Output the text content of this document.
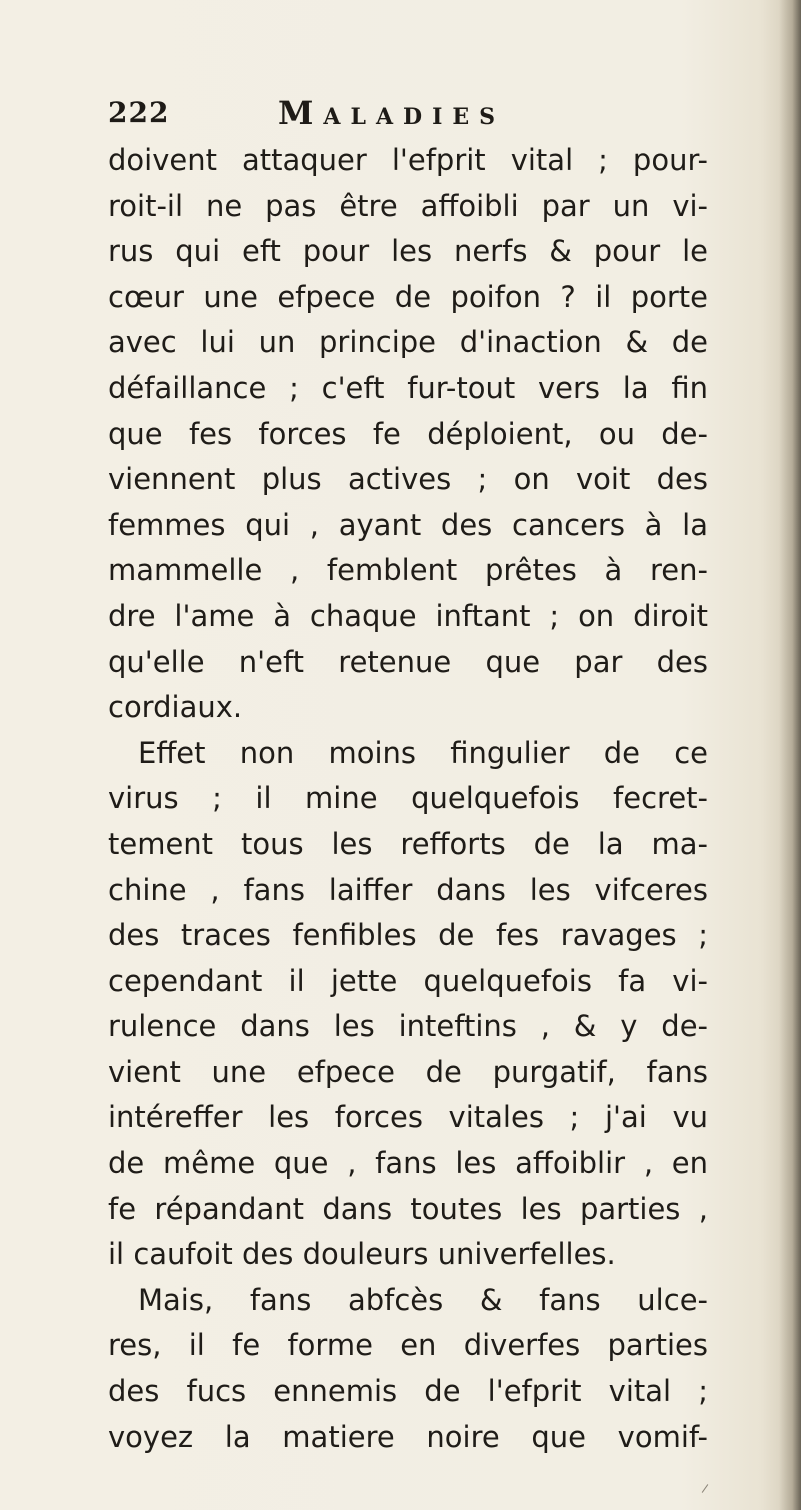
222	Maladies
doivent attaquer l'efprit vital ; pour-
roit-il ne pas être affoibli par un vi-
rus qui eft pour les nerfs & pour le
cœur une efpece de poifon ? il porte
avec lui un principe d'inaction & de
défaillance ; c'eft fur-tout vers la fin
que fes forces fe déploient, ou de-
viennent plus actives ; on voit des
femmes qui , ayant des cancers à la
mammelle , femblent prêtes à ren-
dre l'ame à chaque inftant ; on diroit
qu'elle n'eft retenue que par des
cordiaux.
Effet non moins fingulier de ce
virus ; il mine quelquefois fecret-
tement tous les refforts de la ma-
chine , fans laiffer dans les vifceres
des traces fenfibles de fes ravages ;
cependant il jette quelquefois fa vi-
rulence dans les inteftins , & y de-
vient une efpece de purgatif, fans
intéreffer les forces vitales ; j'ai vu
de même que , fans les affoiblir , en
fe répandant dans toutes les parties ,
il caufoit des douleurs univerfelles.
Mais, fans abfcès & fans ulce-
res, il fe forme en diverfes parties
des fucs ennemis de l'efprit vital ;
voyez la matiere noire que vomif-
